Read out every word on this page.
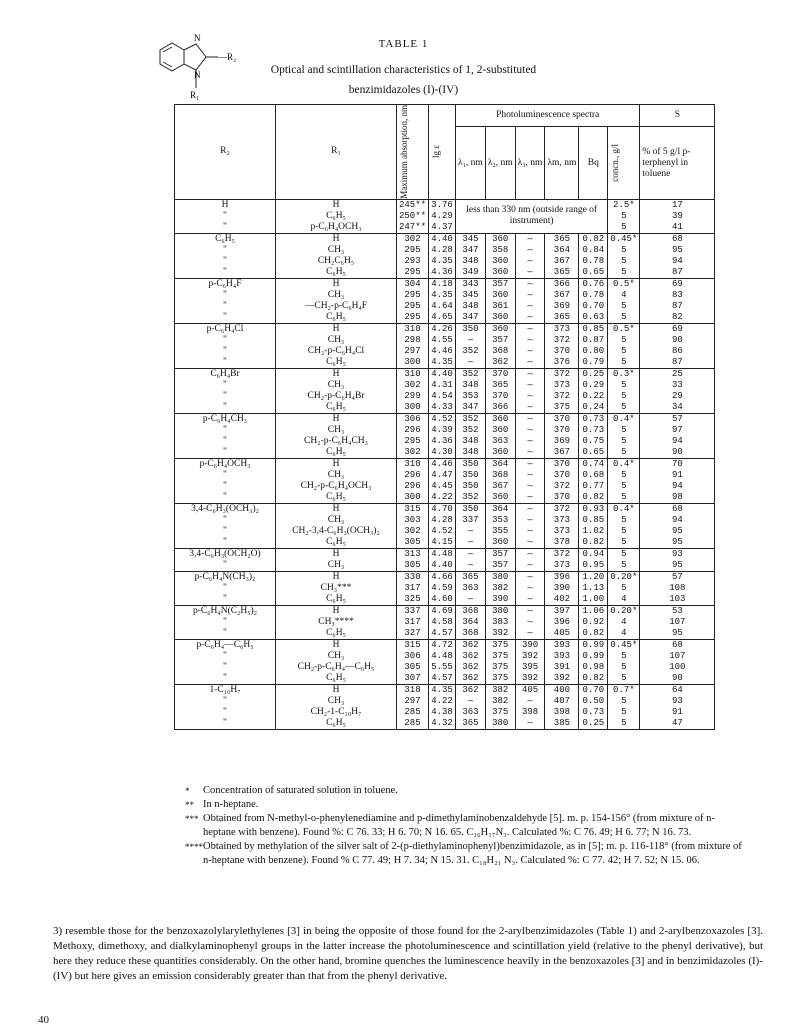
N
N
—R₂
R₁
TABLE 1
Optical and scintillation characteristics of 1, 2-substituted
benzimidazoles (I)-(IV)
R₂	R₁	Maximum absorption, nm	lg ε	Photoluminescence spectra						S
				λ₁, nm	λ₂, nm	λ₃, nm	λm, nm	Bq	concn., g/l	% of 5 g/l p-terphenyl in toluene
H	H	245**	3.76	less than 330 nm (outside range of instrument)					2.5*	17
"	C₆H₅	250**	4.29						5	39
"	p-C₆H₄OCH₃	247**	4.37						5	41
C₆H₅	H	302	4.40	345	360	—	365	0.82	0.45*	68
"	CH₃	295	4.28	347	358	—	364	0.84	5	95
"	CH₂C₆H₅	293	4.35	348	360	—	367	0.78	5	94
"	C₆H₅	295	4.36	349	360	—	365	0.65	5	87
p-C₆H₄F	H	304	4.18	343	357	—	366	0.76	0.5*	69
"	CH₃	295	4.35	345	360	—	367	0.78	4	83
"	—CH₂-p-C₆H₄F	295	4.64	348	361	—	369	0.70	5	87
"	C₆H₅	295	4.65	347	360	—	365	0.63	5	82
p-C₆H₄Cl	H	310	4.26	350	360	—	373	0.85	0.5*	69
"	CH₃	298	4.55	—	357	—	372	0.87	5	90
"	CH₂-p-C₆H₄Cl	297	4.46	352	368	—	370	0.80	5	86
"	C₆H₅	300	4.35	—	362	—	376	0.79	5	87
C₆H₄Br	H	310	4.40	352	370	—	372	0.25	0.3*	25
"	CH₃	302	4.31	348	365	—	373	0.29	5	33
"	CH₂-p-C₆H₄Br	299	4.54	353	370	—	372	0.22	5	29
"	C₆H₅	300	4.33	347	366	—	375	0.24	5	34
p-C₆H₄CH₃	H	306	4.52	352	360	—	370	0.73	0.4*	57
"	CH₃	296	4.39	352	360	—	370	0.73	5	97
"	CH₂-p-C₆H₄CH₃	295	4.36	348	363	—	369	0.75	5	94
"	C₆H₅	302	4.30	348	360	—	367	0.65	5	90
p-C₆H₄OCH₃	H	310	4.46	350	364	—	370	0.74	0.4*	70
"	CH₃	296	4.47	350	368	—	370	0.68	5	91
"	CH₂-p-C₆H₄OCH₃	296	4.45	350	367	—	372	0.77	5	94
"	C₆H₅	300	4.22	352	360	—	370	0.82	5	98
3,4-C₆H₃(OCH₃)₂	H	315	4.70	350	364	—	372	0.93	0.4*	68
"	CH₃	303	4.28	337	353	—	373	0.85	5	94
"	CH₂-3,4-C₆H₃(OCH₃)₂	302	4.52	—	355	—	373	1.02	5	95
"	C₆H₅	305	4.15	—	360	—	378	0.82	5	95
3,4-C₆H₃(OCH₂O)	H	313	4.48	—	357	—	372	0.94	5	93
"	CH₃	305	4.40	—	357	—	373	0.95	5	95
p-C₆H₄N(CH₃)₂	H	330	4.66	365	380	—	396	1.20	0.20*	57
"	CH₃***	317	4.59	363	382	—	390	1.13	5	108
"	C₆H₅	325	4.60	—	390	—	402	1.00	4	103
p-C₆H₄N(C₂H₅)₂	H	337	4.69	368	380	—	397	1.06	0.20*	53
"	CH₃****	317	4.58	364	383	—	396	0.92	4	107
"	C₆H₅	327	4.57	368	392	—	405	0.82	4	95
p-C₆H₄—C₆H₅	H	315	4.72	362	375	390	393	0.99	0.45*	68
"	CH₃	306	4.48	362	375	392	393	0.99	5	107
"	CH₂-p-C₆H₄—C₆H₅	305	5.55	362	375	395	391	0.98	5	100
"	C₆H₅	307	4.57	362	375	392	392	0.82	5	90
1-C₁₀H₇	H	318	4.35	362	382	405	400	0.70	0.7*	64
"	CH₃	297	4.22	—	382	—	407	0.50	5	93
"	CH₂-1-C₁₀H₇	285	4.38	363	375	398	398	0.73	5	91
"	C₆H₅	285	4.32	365	380	—	385	0.25	5	47
* Concentration of saturated solution in toluene.
** In n-heptane.
*** Obtained from N-methyl-o-phenylenediamine and p-dimethylaminobenzaldehyde [5]. m. p. 154-156° (from mixture of n-heptane with benzene). Found %: C 76. 33; H 6. 70; N 16. 65. C₁₆H₁₇N₃. Calculated %: C 76. 49; H 6. 77; N 16. 73.
**** Obtained by methylation of the silver salt of 2-(p-diethylaminophenyl)benzimidazole, as in [5]; m. p. 116-118° (from mixture of n-heptane with benzene). Found % C 77. 49; H 7. 34; N 15. 31. C₁₈H₂₁ N₃. Calculated %: C 77. 42; H 7. 52; N 15. 06.
3) resemble those for the benzoxazolylarylethylenes [3] in being the opposite of those found for the 2-arylbenzimidazoles (Table 1) and 2-arylbenzoxazoles [3]. Methoxy, dimethoxy, and dialkylaminophenyl groups in the latter increase the photoluminescence and scintillation yield (relative to the phenyl derivative), but here they reduce these quantities considerably. On the other hand, bromine quenches the luminescence heavily in the benzoxazoles [3] and in benzimidazoles (I)-(IV) but here gives an emission considerably greater than that from the phenyl derivative.
40
